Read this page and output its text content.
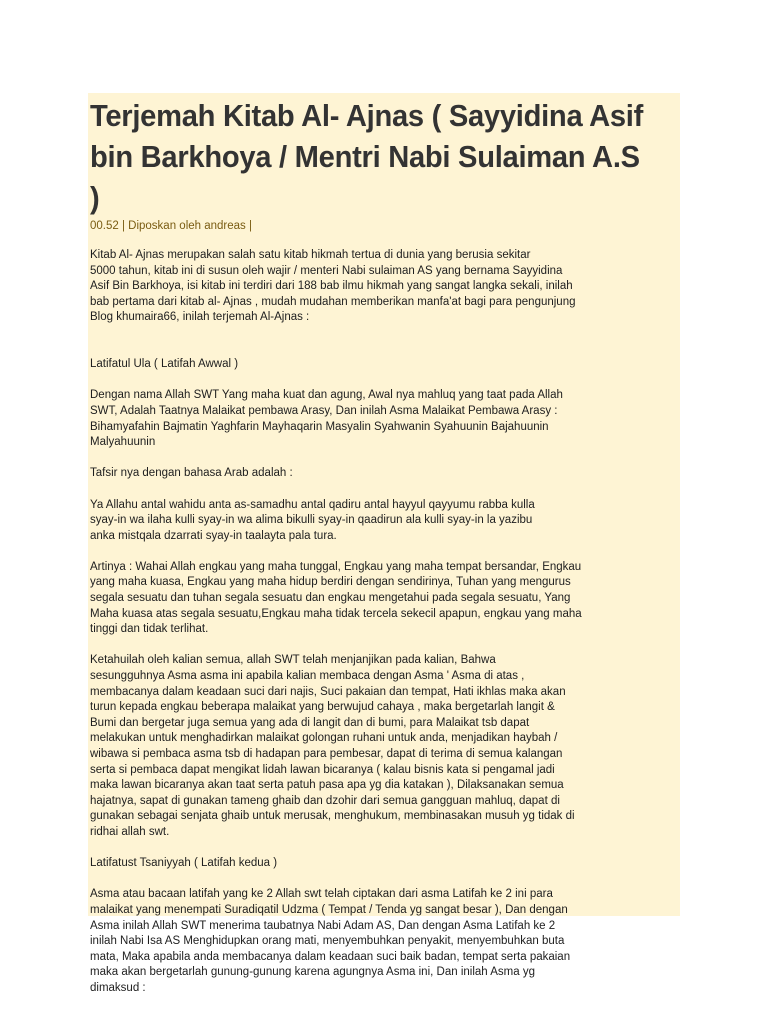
Terjemah Kitab Al- Ajnas ( Sayyidina Asif
bin Barkhoya / Mentri Nabi Sulaiman A.S )
00.52 | Diposkan oleh andreas |

Kitab Al- Ajnas merupakan salah satu kitab hikmah tertua di dunia yang berusia sekitar
5000 tahun, kitab ini di susun oleh wajir / menteri Nabi sulaiman AS yang bernama Sayyidina
Asif Bin Barkhoya, isi kitab ini terdiri dari 188 bab ilmu hikmah yang sangat langka sekali, inilah
bab pertama dari kitab al- Ajnas , mudah mudahan memberikan manfa'at bagi para pengunjung
Blog khumaira66, inilah terjemah Al-Ajnas :

Latifatul Ula ( Latifah Awwal )

Dengan nama Allah SWT Yang maha kuat dan agung, Awal nya mahluq yang taat pada Allah
SWT, Adalah Taatnya Malaikat pembawa Arasy, Dan inilah Asma Malaikat Pembawa Arasy :
Bihamyafahin Bajmatin Yaghfarin Mayhaqarin Masyalin Syahwanin Syahuunin Bajahuunin
Malyahuunin

Tafsir nya dengan bahasa Arab adalah :

Ya Allahu antal wahidu anta as-samadhu antal qadiru antal hayyul qayyumu rabba kulla
syay-in wa ilaha kulli syay-in wa alima bikulli syay-in qaadirun ala kulli syay-in la yazibu
anka mistqala dzarrati syay-in taalayta pala tura.

Artinya : Wahai Allah engkau yang maha tunggal, Engkau yang maha tempat bersandar, Engkau
yang maha kuasa, Engkau yang maha hidup berdiri dengan sendirinya, Tuhan yang mengurus
segala sesuatu dan tuhan segala sesuatu dan engkau mengetahui pada segala sesuatu, Yang
Maha kuasa atas segala sesuatu,Engkau maha tidak tercela sekecil apapun, engkau yang maha
tinggi dan tidak terlihat.

Ketahuilah oleh kalian semua, allah SWT telah menjanjikan pada kalian, Bahwa
sesungguhnya Asma asma ini apabila kalian membaca dengan Asma ' Asma di atas ,
membacanya dalam keadaan suci dari najis, Suci pakaian dan tempat, Hati ikhlas maka akan
turun kepada engkau beberapa malaikat yang berwujud cahaya , maka bergetarlah langit &
Bumi dan bergetar juga semua yang ada di langit dan di bumi, para Malaikat tsb dapat
melakukan untuk menghadirkan malaikat golongan ruhani untuk anda, menjadikan haybah /
wibawa si pembaca asma tsb di hadapan para pembesar, dapat di terima di semua kalangan
serta si pembaca dapat mengikat lidah lawan bicaranya ( kalau bisnis kata si pengamal jadi
maka lawan bicaranya akan taat serta patuh pasa apa yg dia katakan ), Dilaksanakan semua
hajatnya, sapat di gunakan tameng ghaib dan dzohir dari semua gangguan mahluq, dapat di
gunakan sebagai senjata ghaib untuk merusak, menghukum, membinasakan musuh yg tidak di
ridhai allah swt.

Latifatust Tsaniyyah ( Latifah kedua )

Asma atau bacaan latifah yang ke 2 Allah swt telah ciptakan dari asma Latifah ke 2 ini para
malaikat yang menempati Suradiqatil Udzma ( Tempat / Tenda yg sangat besar ), Dan dengan
Asma inilah Allah SWT menerima taubatnya Nabi Adam AS, Dan dengan Asma Latifah ke 2
inilah Nabi Isa AS Menghidupkan orang mati, menyembuhkan penyakit, menyembuhkan buta
mata, Maka apabila anda membacanya dalam keadaan suci baik badan, tempat serta pakaian
maka akan bergetarlah gunung-gunung karena agungnya Asma ini, Dan inilah Asma yg
dimaksud :
